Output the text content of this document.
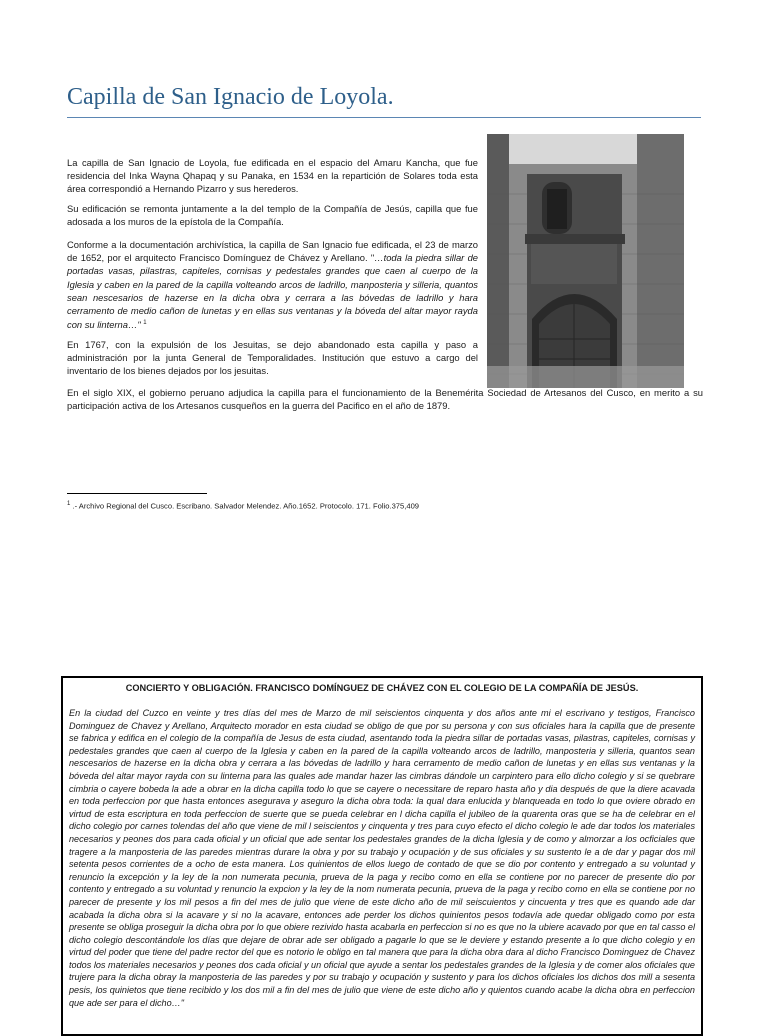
Capilla de San Ignacio de Loyola.

La capilla de San Ignacio de Loyola, fue edificada en el espacio del Amaru Kancha, que fue residencia del Inka Wayna Qhapaq y su Panaka, en 1534 en la repartición de Solares toda esta área correspondió a Hernando Pizarro y sus herederos.

Su edificación se remonta juntamente a la del templo de la Compañía de Jesús, capilla que fue adosada a los muros de la epístola de la Compañía.

Conforme a la documentación archivística, la capilla de San Ignacio fue edificada, el 23 de marzo de 1652, por el arquitecto Francisco Domínguez de Chávez y Arellano. "…toda la piedra sillar de portadas vasas, pilastras, capiteles, cornisas y pedestales grandes que caen al cuerpo de la Iglesia y caben en la pared de la capilla volteando arcos de ladrillo, manposteria y silleria, quantos sean nescesarios de hazerse en la dicha obra y cerrara a las bóvedas de ladrillo y hara cerramento de medio cañon de lunetas y en ellas sus ventanas y la bóveda del altar mayor rayda con su linterna…" $^1$

En 1767, con la expulsión de los Jesuitas, se dejo abandonado esta capilla y paso a administración por la junta General de Temporalidades. Institución que estuvo a cargo del inventario de los bienes dejados por los jesuitas.

En el siglo XIX, el gobierno peruano adjudica la capilla para el funcionamiento de la Benemérita Sociedad de Artesanos del Cusco, en merito a su participación activa de los Artesanos cusqueños en la guerra del Pacifico en el año de 1879.

$^1$ .- Archivo Regional del Cusco. Escribano. Salvador Melendez. Año.1652. Protocolo. 171. Folio.375,409

CONCIERTO Y OBLIGACIÓN. FRANCISCO DOMÍNGUEZ DE CHÁVEZ CON EL COLEGIO DE LA COMPAÑÍA DE JESÚS.

En la ciudad del Cuzco en veinte y tres días del mes de Marzo de mil seiscientos cinquenta y dos años ante mi el escrivano y testigos, Francisco Dominguez de Chavez y Arellano, Arquitecto morador en esta ciudad se obligo de que por su persona y con sus oficiales hara la capilla que de presente se fabrica y edifica en el colegio de la compañía de Jesus de esta ciudad, asentando toda la piedra sillar de portadas vasas, pilastras, capiteles, cornisas y pedestales grandes que caen al cuerpo de la Iglesia y caben en la pared de la capilla volteando arcos de ladrillo, manposteria y silleria, quantos sean nescesarios de hazerse en la dicha obra y cerrara a las bóvedas de ladrillo y hara cerramento de medio cañon de lunetas y en ellas sus ventanas y la bóveda del altar mayor rayda con su linterna para las quales ade mandar hazer las cimbras dándole un carpintero para ello dicho colegio y si se quebrare cimbria o cayere bobeda la ade a obrar en la dicha capilla todo lo que se cayere o necessitare de reparo hasta año y dia después de que la diere acavada en toda perfeccion por que hasta entonces asegurava y aseguro la dicha obra toda: la qual dara enlucida y blanqueada en todo lo que oviere obrado en virtud de esta escriptura en toda perfeccion de suerte que se pueda celebrar en l dicha capilla el jubileo de la quarenta oras que se ha de celebrar en el dicho colegio por carnes tolendas del año que viene de mil l seiscientos y cinquenta y tres para cuyo efecto el dicho colegio le ade dar todos los materiales necesarios y peones dos para cada oficial y un oficial que ade sentar los pedestales grandes de la dicha Iglesia y de como y almorzar a los ocficiales que tragere a la manposteria de las paredes mientras durare la obra y por su trabajo y ocupación y de sus oficiales y su sustento le a de dar y pagar dos mil setenta pesos corrientes de a ocho de esta manera. Los quinientos de ellos luego de contado de que se dio por contento y entregado a su voluntad y renuncio la excepción y la ley de la non numerata pecunia, prueva de la paga y recibo como en ella se contiene por no parecer de presente dio por contento y entregado a su voluntad y renuncio la expcion y la ley de la nom numerata pecunia, prueva de la paga y recibo como en ella se contiene por no parecer de presente y los mil pesos a fin del mes de julio que viene de este dicho año de mil seiscuientos y cincuenta y tres que es quando ade dar acabada la dicha obra si la acavare y si no la acavare, entonces ade perder los dichos quinientos pesos todavía ade quedar obligado como por esta presente se obliga proseguir la dicha obra por lo que obiere rezivido hasta acabarla en perfeccion si no es que no la ubiere acavado por que en tal casso el dicho colegio descontándole los días que dejare de obrar ade ser obligado a pagarle lo que se le deviere y estando presente a lo que dicho colegio y en virtud del poder que tiene del padre rector del que es notorio le obligo en tal manera que para la dicha obra dara al dicho Francisco Dominguez de Chavez todos los materiales necesarios y peones dos cada oficial y un oficial que ayude a sentar los pedestales grandes de la Iglesia y de comer alos oficiales que trujere para la dicha obray la manposteria de las paredes y por su trabajo y ocupación y sustento y para los dichos oficiales los dichos dos mill a sesenta pesis, los quinietos que tiene recibido y los dos mil a fin del mes de julio que viene de este dicho año y quientos cuando acabe la dicha obra en perfeccion que ade ser para el dicho…"
